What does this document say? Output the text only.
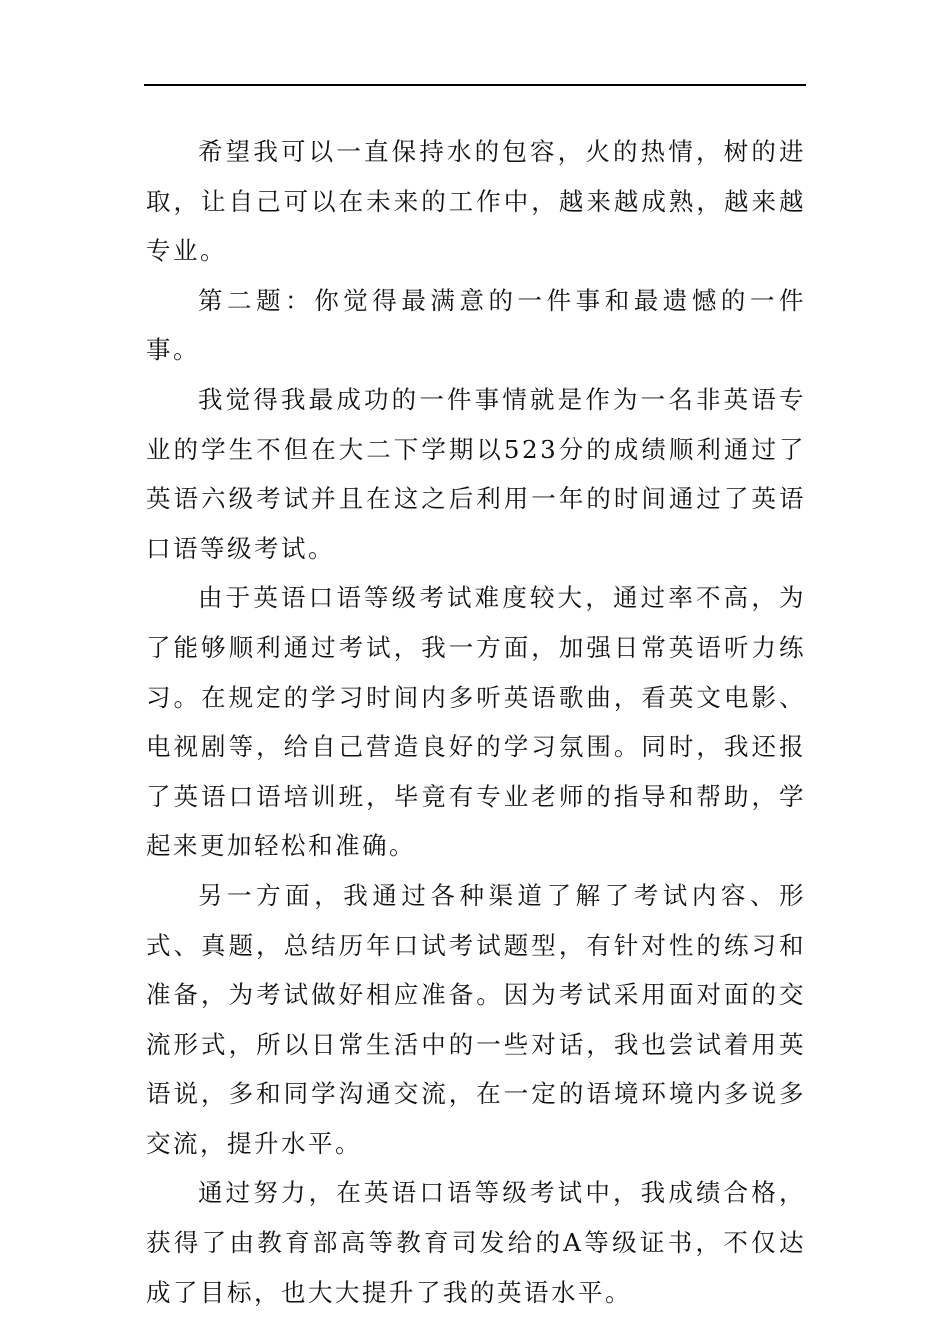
希望我可以一直保持水的包容，火的热情，树的进取，让自己可以在未来的工作中，越来越成熟，越来越专业。

第二题：你觉得最满意的一件事和最遗憾的一件事。

我觉得我最成功的一件事情就是作为一名非英语专业的学生不但在大二下学期以523分的成绩顺利通过了英语六级考试并且在这之后利用一年的时间通过了英语口语等级考试。

由于英语口语等级考试难度较大，通过率不高，为了能够顺利通过考试，我一方面，加强日常英语听力练习。在规定的学习时间内多听英语歌曲，看英文电影、电视剧等，给自己营造良好的学习氛围。同时，我还报了英语口语培训班，毕竟有专业老师的指导和帮助，学起来更加轻松和准确。

另一方面，我通过各种渠道了解了考试内容、形式、真题，总结历年口试考试题型，有针对性的练习和准备，为考试做好相应准备。因为考试采用面对面的交流形式，所以日常生活中的一些对话，我也尝试着用英语说，多和同学沟通交流，在一定的语境环境内多说多交流，提升水平。

通过努力，在英语口语等级考试中，我成绩合格，获得了由教育部高等教育司发给的A等级证书，不仅达成了目标，也大大提升了我的英语水平。
